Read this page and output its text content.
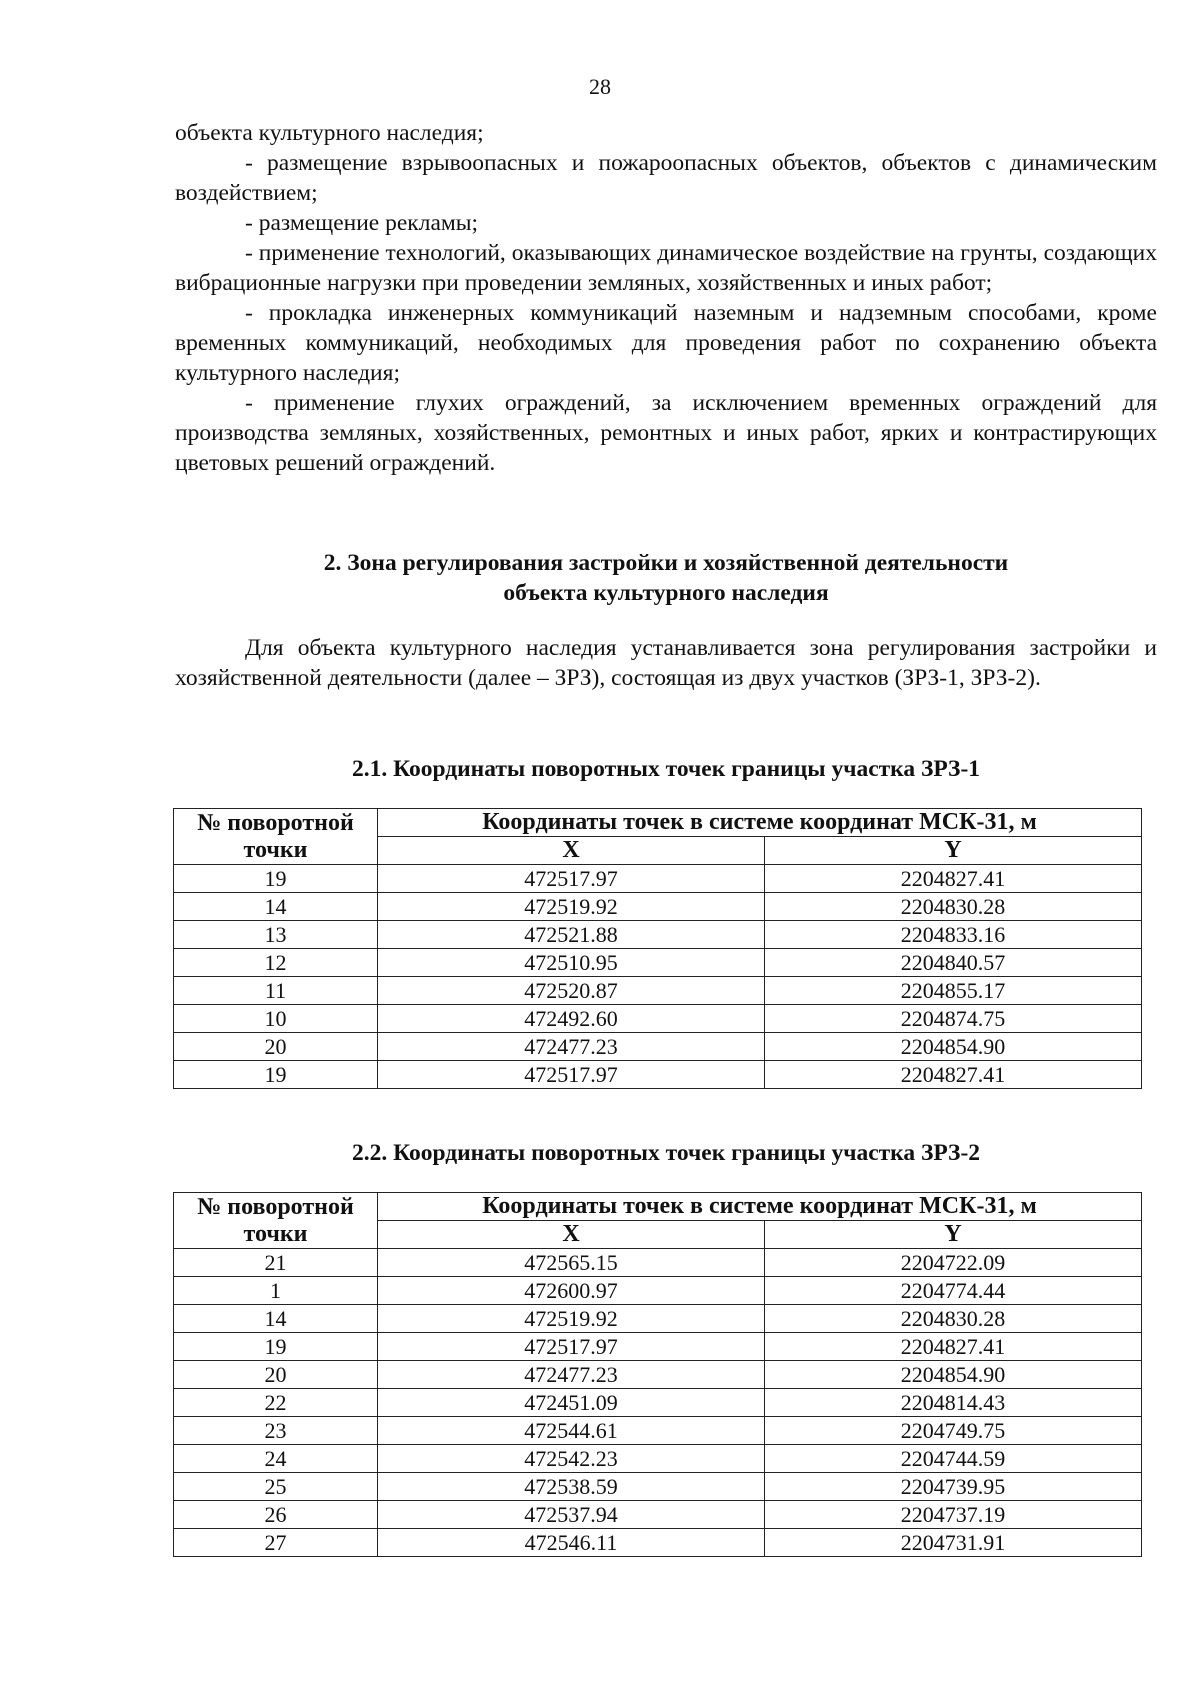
28

объекта культурного наследия;

- размещение взрывоопасных и пожароопасных объектов, объектов с динамическим воздействием;

- размещение рекламы;

- применение технологий, оказывающих динамическое воздействие на грунты, создающих вибрационные нагрузки при проведении земляных, хозяйственных и иных работ;

- прокладка инженерных коммуникаций наземным и надземным способами, кроме временных коммуникаций, необходимых для проведения работ по сохранению объекта культурного наследия;

- применение глухих ограждений, за исключением временных ограждений для производства земляных, хозяйственных, ремонтных и иных работ, ярких и контрастирующих цветовых решений ограждений.

2. Зона регулирования застройки и хозяйственной деятельности
объекта культурного наследия

Для объекта культурного наследия устанавливается зона регулирования застройки и хозяйственной деятельности (далее – ЗРЗ), состоящая из двух участков (ЗРЗ-1, ЗРЗ-2).

2.1. Координаты поворотных точек границы участка ЗРЗ-1
№ поворотной точки	Координаты точек в системе координат МСК-31, м	
	X	Y
19	472517.97	2204827.41
14	472519.92	2204830.28
13	472521.88	2204833.16
12	472510.95	2204840.57
11	472520.87	2204855.17
10	472492.60	2204874.75
20	472477.23	2204854.90
19	472517.97	2204827.41
2.2. Координаты поворотных точек границы участка ЗРЗ-2
№ поворотной точки	Координаты точек в системе координат МСК-31, м	
	X	Y
21	472565.15	2204722.09
1	472600.97	2204774.44
14	472519.92	2204830.28
19	472517.97	2204827.41
20	472477.23	2204854.90
22	472451.09	2204814.43
23	472544.61	2204749.75
24	472542.23	2204744.59
25	472538.59	2204739.95
26	472537.94	2204737.19
27	472546.11	2204731.91
